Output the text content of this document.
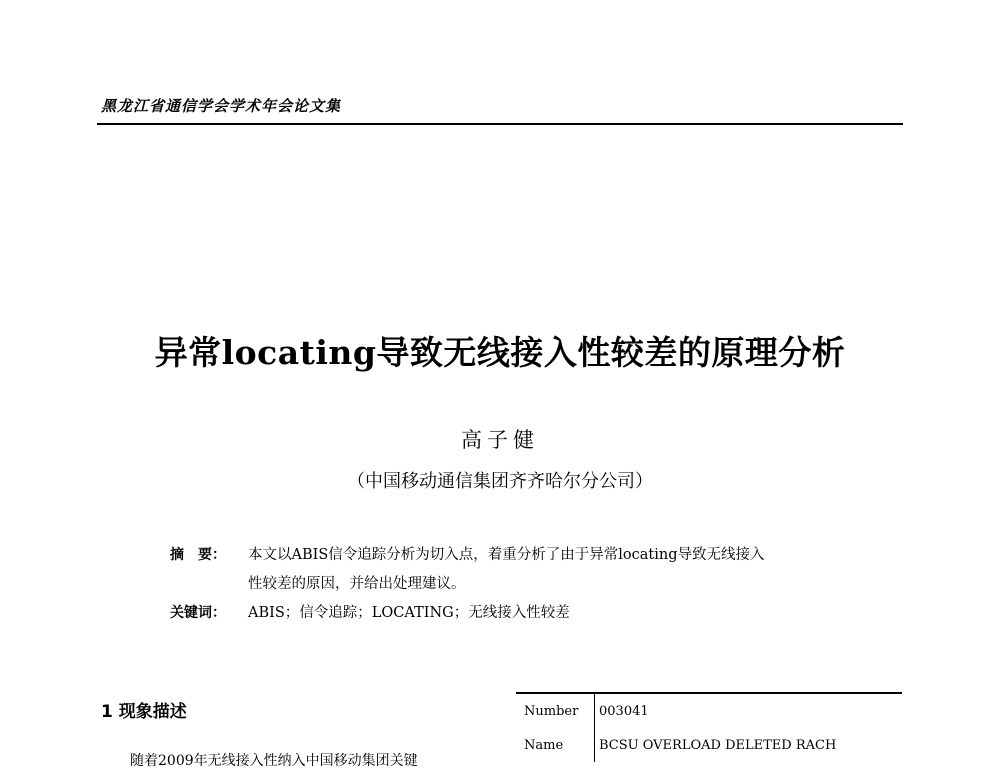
黑龙江省通信学会学术年会论文集
异常locating导致无线接入性较差的原理分析
高子健
（中国移动通信集团齐齐哈尔分公司）
摘　要：	本文以ABIS信令追踪分析为切入点，着重分析了由于异常locating导致无线接入
性较差的原因，并给出处理建议。
关键词：	ABIS；信令追踪；LOCATING；无线接入性较差
1 现象描述
随着2009年无线接入性纳入中国移动集团关键
Number	003041
Name	BCSU OVERLOAD DELETED RACH
